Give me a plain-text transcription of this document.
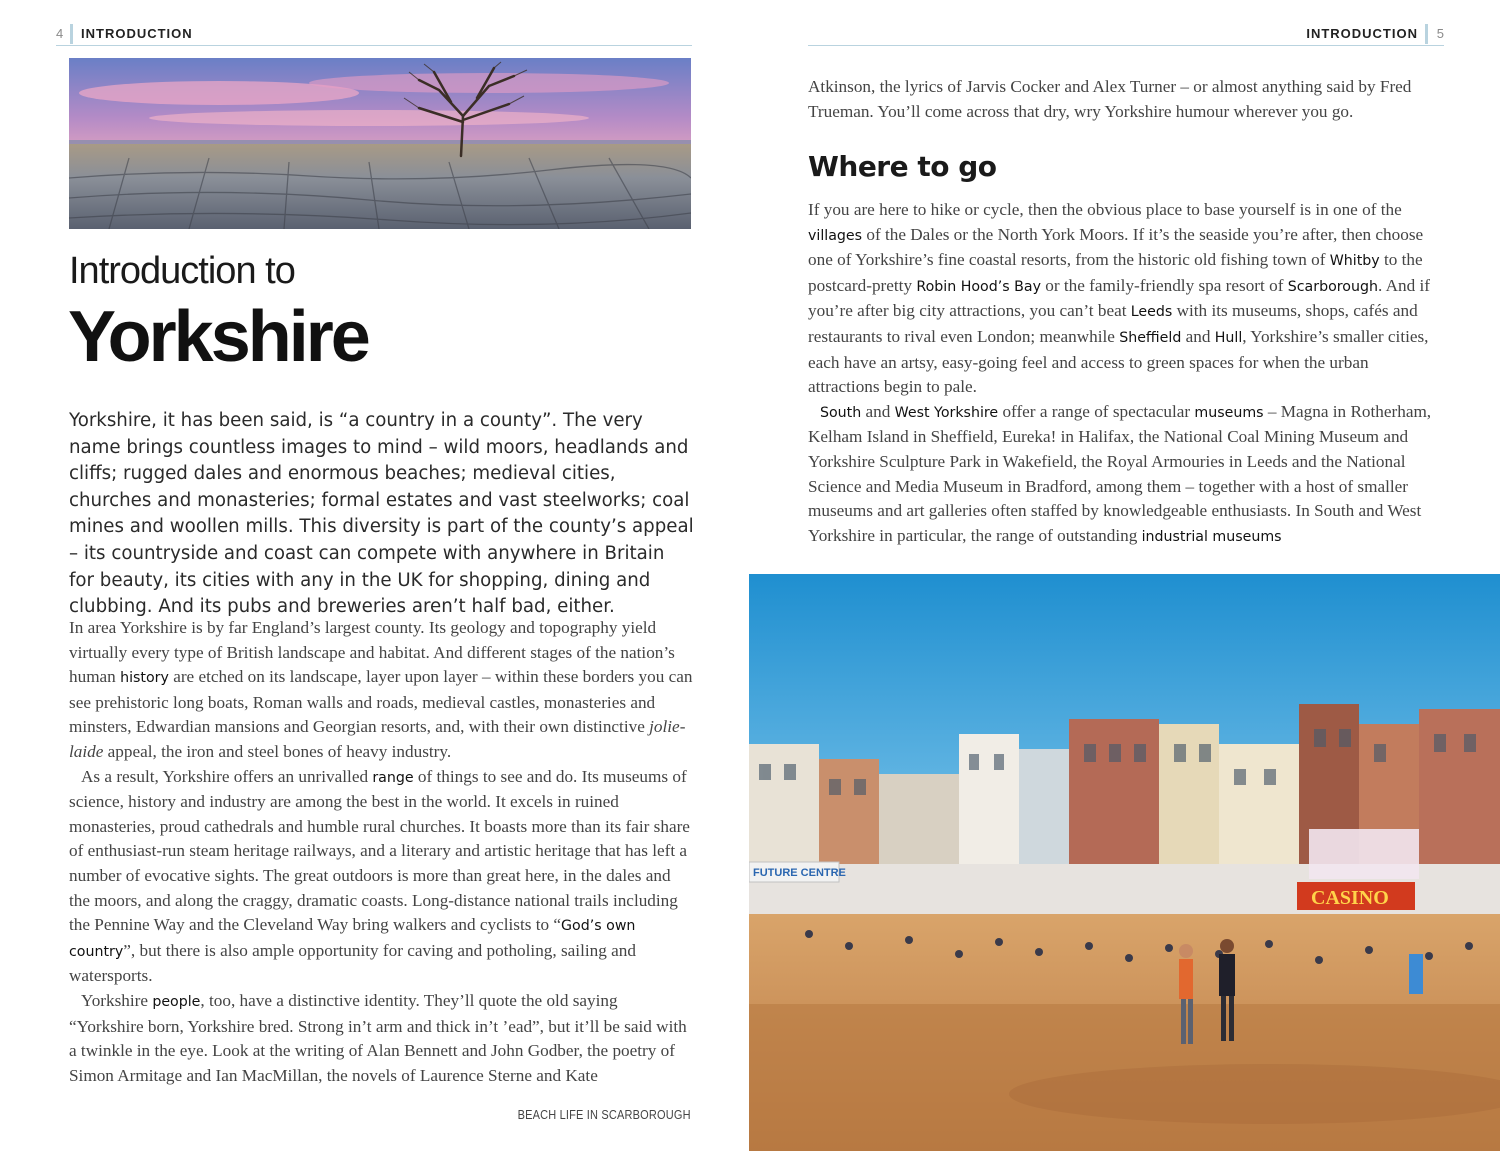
4 INTRODUCTION	INTRODUCTION 5
Introduction to
Yorkshire
Yorkshire, it has been said, is “a country in a county”. The very name brings countless images to mind – wild moors, headlands and cliffs; rugged dales and enormous beaches; medieval cities, churches and monasteries; formal estates and vast steelworks; coal mines and woollen mills. This diversity is part of the county’s appeal – its countryside and coast can compete with anywhere in Britain for beauty, its cities with any in the UK for shopping, dining and clubbing. And its pubs and breweries aren’t half bad, either.

In area Yorkshire is by far England’s largest county. Its geology and topography yield virtually every type of British landscape and habitat. And different stages of the nation’s human history are etched on its landscape, layer upon layer – within these borders you can see prehistoric long boats, Roman walls and roads, medieval castles, monasteries and minsters, Edwardian mansions and Georgian resorts, and, with their own distinctive jolie-laide appeal, the iron and steel bones of heavy industry.

As a result, Yorkshire offers an unrivalled range of things to see and do. Its museums of science, history and industry are among the best in the world. It excels in ruined monasteries, proud cathedrals and humble rural churches. It boasts more than its fair share of enthusiast-run steam heritage railways, and a literary and artistic heritage that has left a number of evocative sights. The great outdoors is more than great here, in the dales and the moors, and along the craggy, dramatic coasts. Long-distance national trails including the Pennine Way and the Cleveland Way bring walkers and cyclists to “God’s own country”, but there is also ample opportunity for caving and potholing, sailing and watersports.

Yorkshire people, too, have a distinctive identity. They’ll quote the old saying “Yorkshire born, Yorkshire bred. Strong in’t arm and thick in’t ’ead”, but it’ll be said with a twinkle in the eye. Look at the writing of Alan Bennett and John Godber, the poetry of Simon Armitage and Ian MacMillan, the novels of Laurence Sterne and Kate

BEACH LIFE IN SCARBOROUGH
Atkinson, the lyrics of Jarvis Cocker and Alex Turner – or almost anything said by Fred Trueman. You’ll come across that dry, wry Yorkshire humour wherever you go.
Where to go

If you are here to hike or cycle, then the obvious place to base yourself is in one of the villages of the Dales or the North York Moors. If it’s the seaside you’re after, then choose one of Yorkshire’s fine coastal resorts, from the historic old fishing town of Whitby to the postcard-pretty Robin Hood’s Bay or the family-friendly spa resort of Scarborough. And if you’re after big city attractions, you can’t beat Leeds with its museums, shops, cafés and restaurants to rival even London; meanwhile Sheffield and Hull, Yorkshire’s smaller cities, each have an artsy, easy-going feel and access to green spaces for when the urban attractions begin to pale.

South and West Yorkshire offer a range of spectacular museums – Magna in Rotherham, Kelham Island in Sheffield, Eureka! in Halifax, the National Coal Mining Museum and Yorkshire Sculpture Park in Wakefield, the Royal Armouries in Leeds and the National Science and Media Museum in Bradford, among them – together with a host of smaller museums and art galleries often staffed by knowledgeable enthusiasts. In South and West Yorkshire in particular, the range of outstanding industrial museums

FUTURE CENTRE
CASINO
